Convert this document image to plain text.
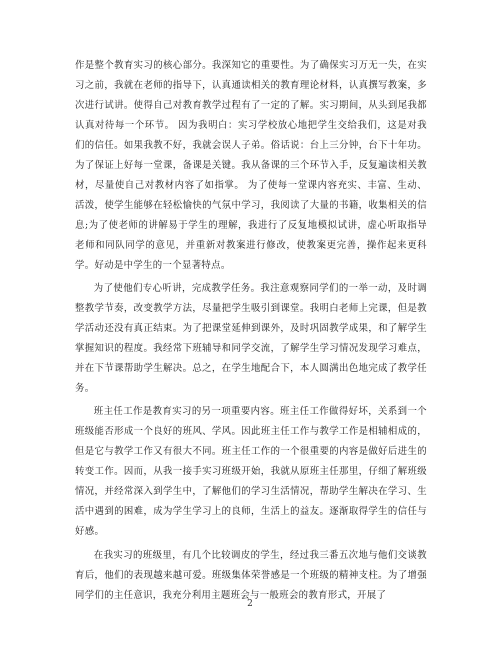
作是整个教育实习的核心部分。我深知它的重要性。为了确保实习万无一失，在实习之前，我就在老师的指导下，认真通读相关的教育理论材料，认真撰写教案，多次进行试讲。使得自己对教育教学过程有了一定的了解。实习期间，从头到尾我都认真对待每一个环节。 因为我明白：实习学校放心地把学生交给我们，这是对我们的信任。如果我教不好，我就会误人子弟。俗话说：台上三分钟，台下十年功。为了保证上好每一堂课，备课是关键。我从备课的三个环节入手，反复遍读相关教材，尽量使自己对教材内容了如指掌。 为了使每一堂课内容充实、丰富、生动、活泼，使学生能够在轻松愉快的气氛中学习，我阅读了大量的书籍，收集相关的信息;为了使老师的讲解易于学生的理解，我进行了反复地模拟试讲，虚心听取指导老师和同队同学的意见，并重新对教案进行修改，使教案更完善，操作起来更科学。好动是中学生的一个显著特点。

为了使他们专心听讲，完成教学任务。我注意观察同学们的一举一动，及时调整教学节奏，改变教学方法，尽量把学生吸引到课堂。我明白老师上完课，但是教学活动还没有真正结束。为了把课堂延伸到课外，及时巩固教学成果，和了解学生掌握知识的程度。我经常下班辅导和同学交流，了解学生学习情况发现学习难点，并在下节课帮助学生解决。总之，在学生地配合下，本人圆满出色地完成了教学任务。

班主任工作是教育实习的另一项重要内容。班主任工作做得好坏，关系到一个班级能否形成一个良好的班风、学风。因此班主任工作与教学工作是相辅相成的，但是它与教学工作又有很大不同。班主任工作的一个很重要的内容是做好后进生的转变工作。因而，从我一接手实习班级开始，我就从原班主任那里，仔细了解班级情况，并经常深入到学生中，了解他们的学习生活情况，帮助学生解决在学习、生活中遇到的困难，成为学生学习上的良师，生活上的益友。逐渐取得学生的信任与好感。

在我实习的班级里，有几个比较调皮的学生，经过我三番五次地与他们交谈教育后，他们的表现越来越可爱。班级集体荣誉感是一个班级的精神支柱。为了增强同学们的主任意识，我充分利用主题班会与一般班会的教育形式，开展了

2
